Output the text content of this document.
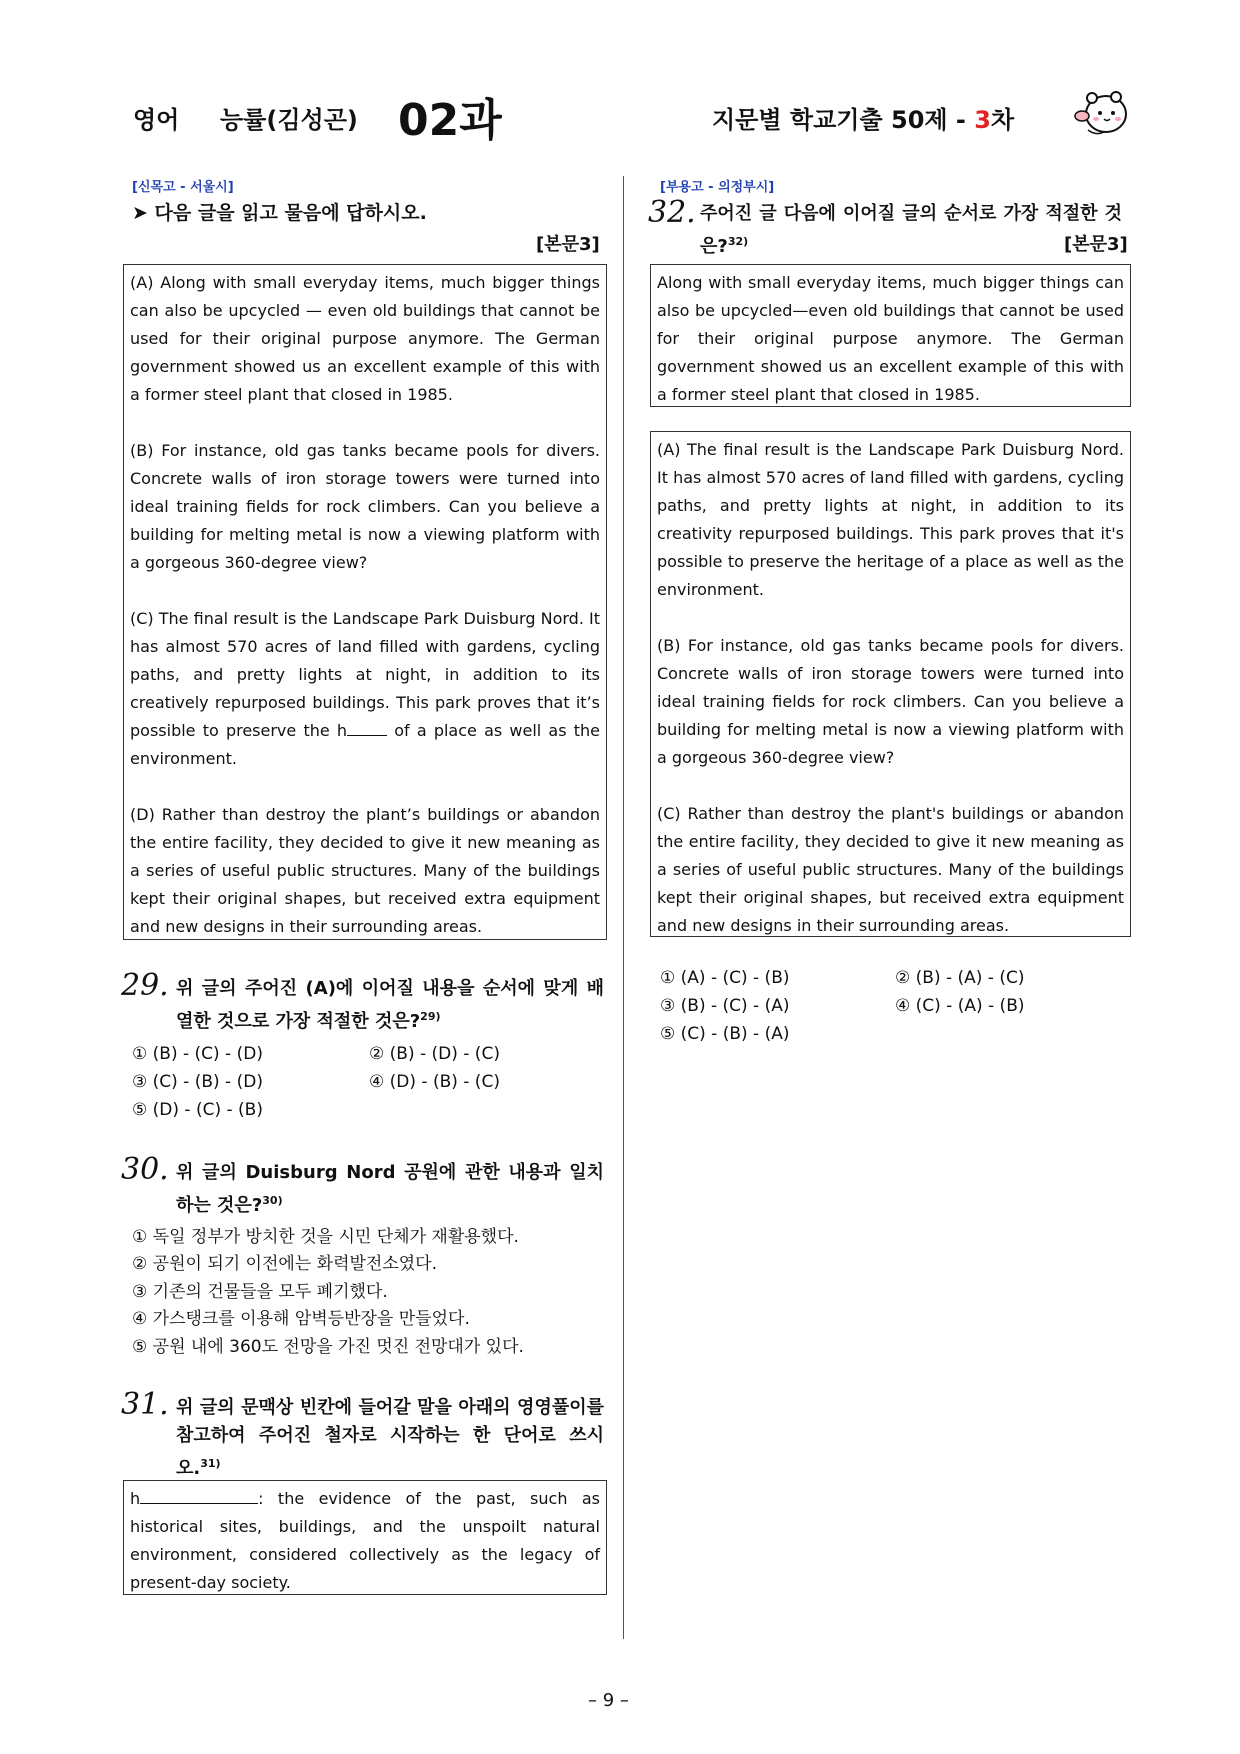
영어 능률(김성곤) 02과	지문별 학교기출 50제 - 3차
[신목고 - 서울시]
➤ 다음 글을 읽고 물음에 답하시오.
[본문3]

(A) Along with small everyday items, much bigger things can also be upcycled — even old buildings that cannot be used for their original purpose anymore. The German government showed us an excellent example of this with a former steel plant that closed in 1985.

(B) For instance, old gas tanks became pools for divers. Concrete walls of iron storage towers were turned into ideal training fields for rock climbers. Can you believe a building for melting metal is now a viewing platform with a gorgeous 360-degree view?

(C) The final result is the Landscape Park Duisburg Nord. It has almost 570 acres of land filled with gardens, cycling paths, and pretty lights at night, in addition to its creatively repurposed buildings. This park proves that it’s possible to preserve the h	of a place as well as the environment.

(D) Rather than destroy the plant’s buildings or abandon the entire facility, they decided to give it new meaning as a series of useful public structures. Many of the buildings kept their original shapes, but received extra equipment and new designs in their surrounding areas.

29. 위 글의 주어진 (A)에 이어질 내용을 순서에 맞게 배열한 것으로 가장 적절한 것은?$^{29)}$
① (B) - (C) - (D)	② (B) - (D) - (C)
③ (C) - (B) - (D)	④ (D) - (B) - (C)
⑤ (D) - (C) - (B)
30. 위 글의 Duisburg Nord 공원에 관한 내용과 일치하는 것은?$^{30)}$
① 독일 정부가 방치한 것을 시민 단체가 재활용했다.
② 공원이 되기 이전에는 화력발전소였다.
③ 기존의 건물들을 모두 폐기했다.
④ 가스탱크를 이용해 암벽등반장을 만들었다.
⑤ 공원 내에 360도 전망을 가진 멋진 전망대가 있다.
31. 위 글의 문맥상 빈칸에 들어갈 말을 아래의 영영풀이를 참고하여 주어진 철자로 시작하는 한 단어로 쓰시오.$^{31)}$

h	: the evidence of the past, such as historical sites, buildings, and the unspoilt natural environment, considered collectively as the legacy of present-day society.

[부용고 - 의정부시]
32. 주어진 글 다음에 이어질 글의 순서로 가장 적절한 것은?$^{32)}$	[본문3]

Along with small everyday items, much bigger things can also be upcycled—even old buildings that cannot be used for their original purpose anymore. The German government showed us an excellent example of this with a former steel plant that closed in 1985.

(A) The final result is the Landscape Park Duisburg Nord. It has almost 570 acres of land filled with gardens, cycling paths, and pretty lights at night, in addition to its creativity repurposed buildings. This park proves that it's possible to preserve the heritage of a place as well as the environment.

(B) For instance, old gas tanks became pools for divers. Concrete walls of iron storage towers were turned into ideal training fields for rock climbers. Can you believe a building for melting metal is now a viewing platform with a gorgeous 360-degree view?

(C) Rather than destroy the plant's buildings or abandon the entire facility, they decided to give it new meaning as a series of useful public structures. Many of the buildings kept their original shapes, but received extra equipment and new designs in their surrounding areas.

① (A) - (C) - (B)	② (B) - (A) - (C)
③ (B) - (C) - (A)	④ (C) - (A) - (B)
⑤ (C) - (B) - (A)
– 9 –
